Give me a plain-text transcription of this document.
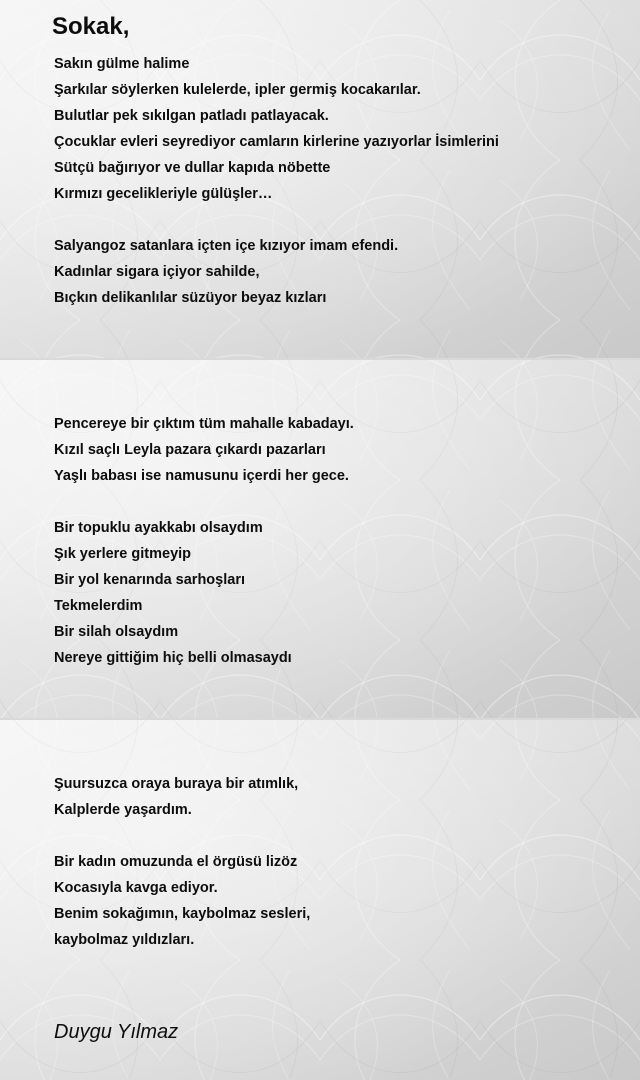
Sokak,
Sakın gülme halime
Şarkılar söylerken kulelerde, ipler germiş kocakarılar.
Bulutlar pek sıkılgan patladı patlayacak.
Çocuklar evleri seyrediyor camların kirlerine yazıyorlar İsimlerini
Sütçü bağırıyor ve dullar kapıda nöbette
Kırmızı gecelikleriyle gülüşler…
Salyangoz satanlara içten içe kızıyor imam efendi.
Kadınlar sigara içiyor sahilde,
Bıçkın delikanlılar süzüyor beyaz kızları
Pencereye bir çıktım tüm mahalle kabadayı.
Kızıl saçlı Leyla pazara çıkardı pazarları
Yaşlı babası ise namusunu içerdi her gece.
Bir topuklu ayakkabı olsaydım
Şık yerlere gitmeyip
Bir yol kenarında sarhoşları
Tekmelerdim
Bir silah olsaydım
Nereye gittiğim hiç belli olmasaydı
Şuursuzca oraya buraya bir atımlık,
Kalplerde yaşardım.
Bir kadın omuzunda el örgüsü lizöz
Kocasıyla kavga ediyor.
Benim sokağımın, kaybolmaz sesleri,
kaybolmaz yıldızları.

Duygu Yılmaz
